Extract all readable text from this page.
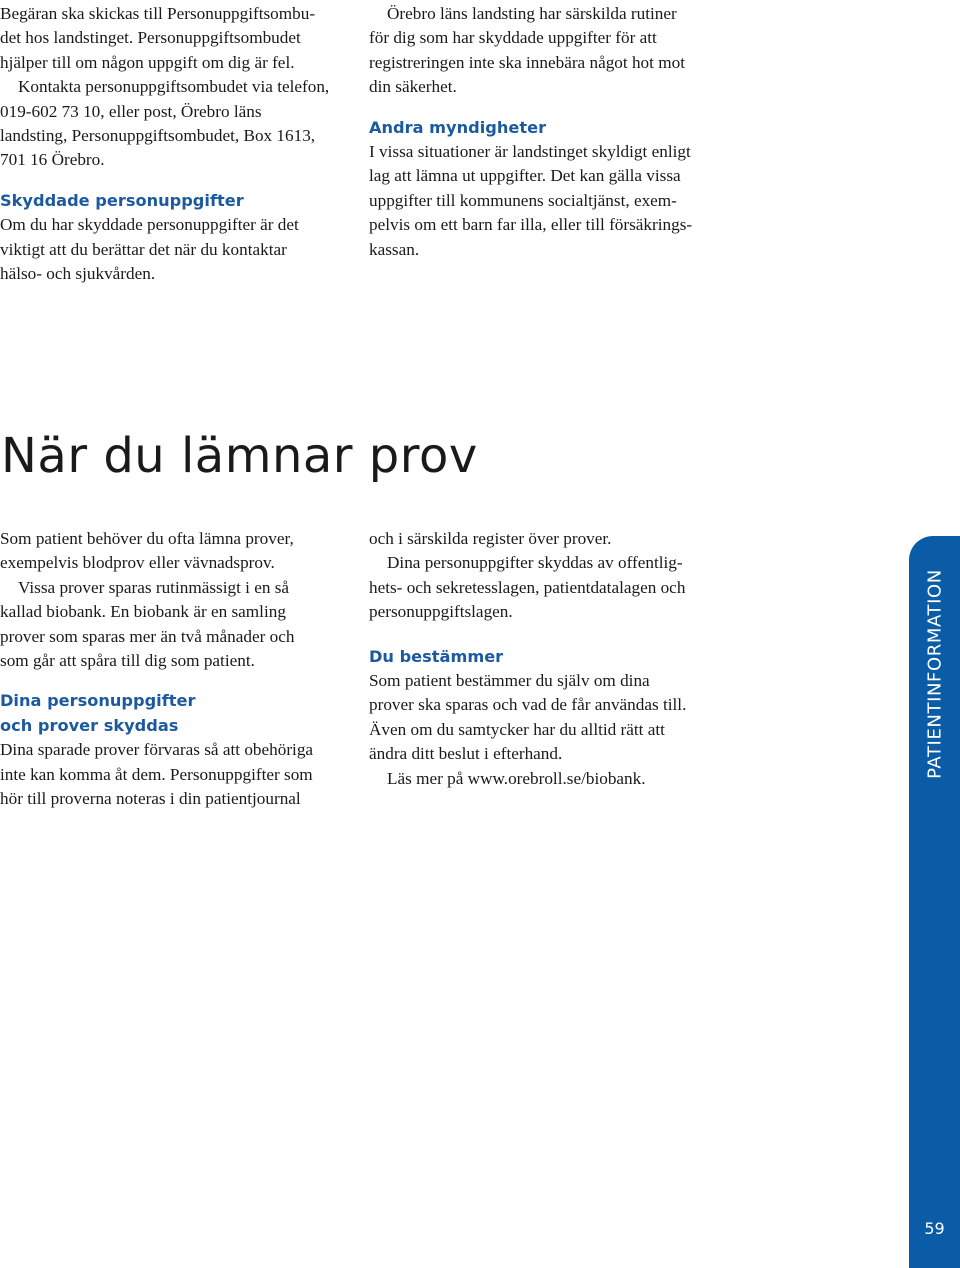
Begäran ska skickas till Personuppgiftsombu-
det hos landstinget. Personuppgiftsombudet
hjälper till om någon uppgift om dig är fel.

Kontakta personuppgiftsombudet via telefon,
019-602 73 10, eller post, Örebro läns
landsting, Personuppgiftsombudet, Box 1613,
701 16 Örebro.

Skyddade personuppgifter

Om du har skyddade personuppgifter är det
viktigt att du berättar det när du kontaktar
hälso- och sjukvården.

Örebro läns landsting har särskilda rutiner
för dig som har skyddade uppgifter för att
registreringen inte ska innebära något hot mot
din säkerhet.

Andra myndigheter

I vissa situationer är landstinget skyldigt enligt
lag att lämna ut uppgifter. Det kan gälla vissa
uppgifter till kommunens socialtjänst, exem-
pelvis om ett barn far illa, eller till försäkrings-
kassan.

När du lämnar prov

Som patient behöver du ofta lämna prover,
exempelvis blodprov eller vävnadsprov.

Vissa prover sparas rutinmässigt i en så
kallad biobank. En biobank är en samling
prover som sparas mer än två månader och
som går att spåra till dig som patient.

Dina personuppgifter
och prover skyddas

Dina sparade prover förvaras så att obehöriga
inte kan komma åt dem. Personuppgifter som
hör till proverna noteras i din patientjournal

och i särskilda register över prover.

Dina personuppgifter skyddas av offentlig-
hets- och sekretesslagen, patientdatalagen och
personuppgiftslagen.

Du bestämmer

Som patient bestämmer du själv om dina
prover ska sparas och vad de får användas till.
Även om du samtycker har du alltid rätt att
ändra ditt beslut i efterhand.

Läs mer på www.orebroll.se/biobank.	PATIENTINFORMATION
59
